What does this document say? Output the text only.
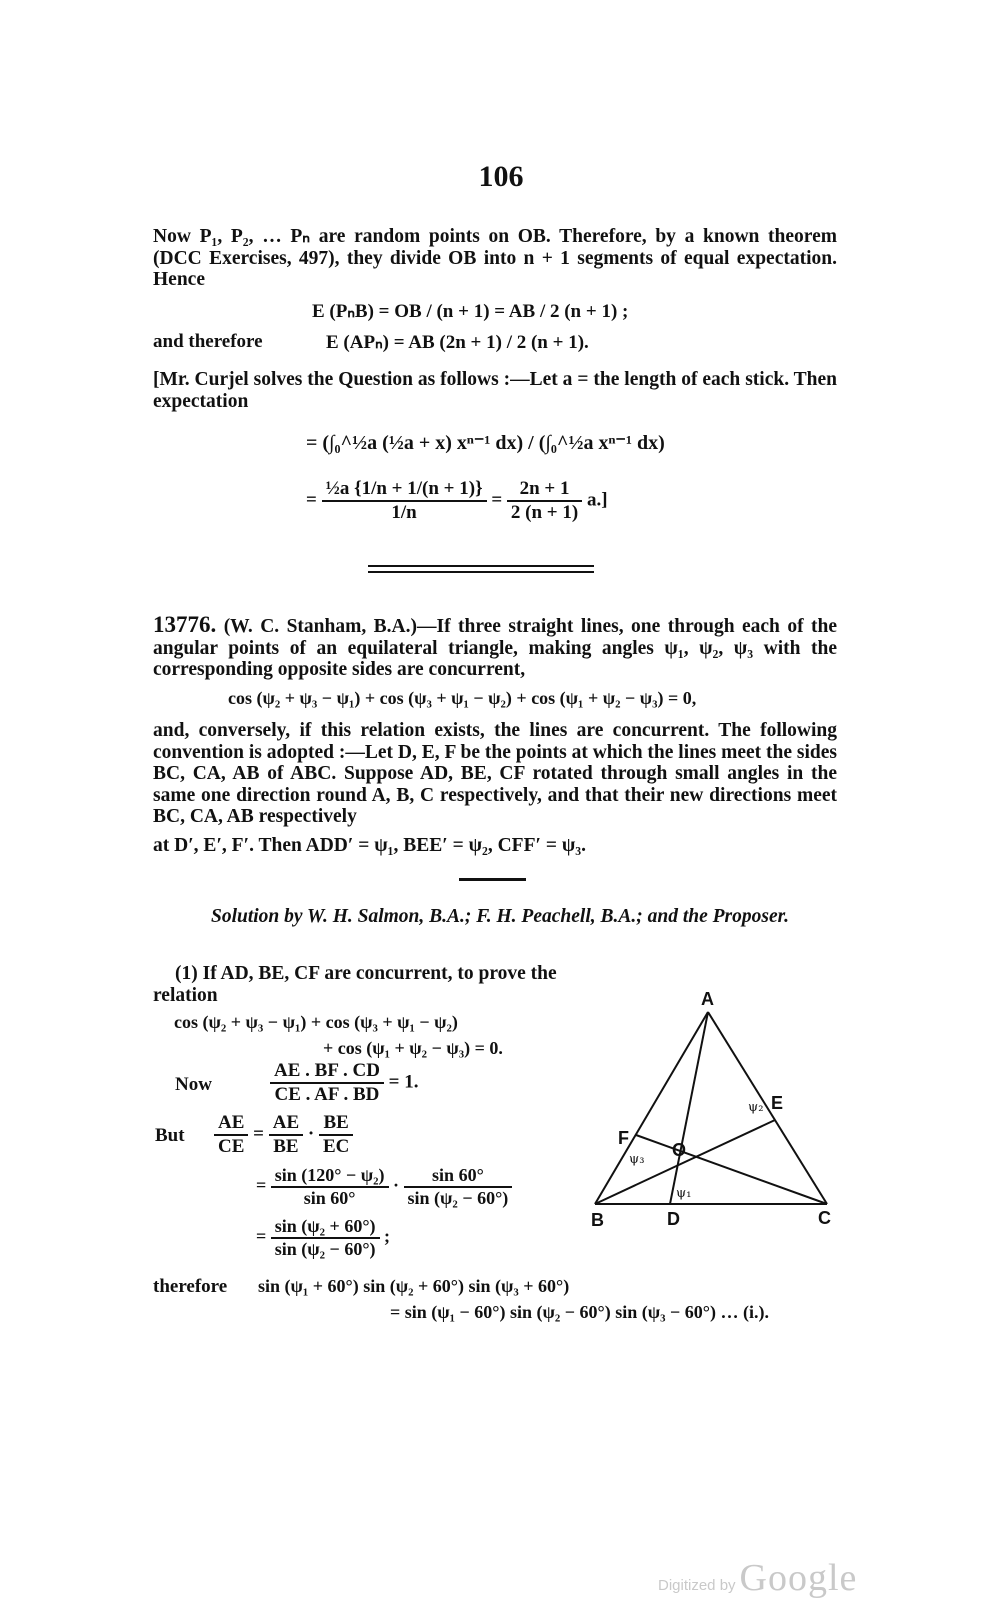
106
Now P₁, P₂, … Pₙ are random points on OB. Therefore, by a known theorem (DCC Exercises, 497), they divide OB into n + 1 segments of equal expectation. Hence
E (PₙB) = OB / (n + 1) = AB / 2 (n + 1) ;
and therefore	E (APₙ) = AB (2n + 1) / 2 (n + 1).
[Mr. Curjel solves the Question as follows :—Let a = the length of each stick. Then expectation
= (∫₀^½a (½a + x) xⁿ⁻¹ dx) / (∫₀^½a xⁿ⁻¹ dx)
= $\frac{\text{½a \{1/n + 1/(n + 1)\}}}{1/n} = \frac{2n + 1}{2 (n + 1)} a$.]
13776. (W. C. Stanham, B.A.)—If three straight lines, one through each of the angular points of an equilateral triangle, making angles ψ₁, ψ₂, ψ₃ with the corresponding opposite sides are concurrent,
cos (ψ₂ + ψ₃ − ψ₁) + cos (ψ₃ + ψ₁ − ψ₂) + cos (ψ₁ + ψ₂ − ψ₃) = 0,
and, conversely, if this relation exists, the lines are concurrent. The following convention is adopted :—Let D, E, F be the points at which the lines meet the sides BC, CA, AB of ABC. Suppose AD, BE, CF rotated through small angles in the same one direction round A, B, C respectively, and that their new directions meet BC, CA, AB respectively
at D′, E′, F′. Then ADD′ = ψ₁, BEE′ = ψ₂, CFF′ = ψ₃.
Solution by W. H. Salmon, B.A.; F. H. Peachell, B.A.; and the Proposer.
(1) If AD, BE, CF are concurrent, to prove the relation
cos (ψ₂ + ψ₃ − ψ₁) + cos (ψ₃ + ψ₁ − ψ₂)
+ cos (ψ₁ + ψ₂ − ψ₃) = 0.
Now	$\frac{AE . BF . CD}{CE . AF . BD} = 1$.
But $\frac{AE}{CE} = \frac{AE}{BE} \cdot \frac{BE}{EC}$
= $\frac{\text{sin (120° − ψ₂)}}{\sin 60^\circ} \cdot \frac{\sin 60^\circ}{\text{sin (ψ₂ − 60°)}}$
= $\frac{\text{sin (ψ₂ + 60°)}}{\text{sin (ψ₂ − 60°)}}$ ;
therefore sin (ψ₁ + 60°) sin (ψ₂ + 60°) sin (ψ₃ + 60°)
= sin (ψ₁ − 60°) sin (ψ₂ − 60°) sin (ψ₃ − 60°) … (i.).
A
B	C
D
E
F
O
ψ₁
ψ₂
ψ₃
Digitized by Google
